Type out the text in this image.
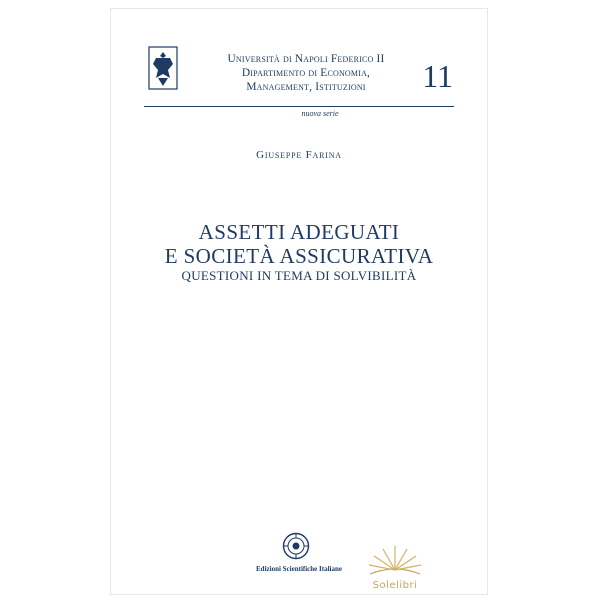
Università di Napoli Federico II
Dipartimento di Economia,
Management, Istituzioni	11
nuova serie
Giuseppe Farina
ASSETTI ADEGUATI
E SOCIETÀ ASSICURATIVA
QUESTIONI IN TEMA DI SOLVIBILITÀ
Edizioni Scientifiche Italiane
Solelibri
